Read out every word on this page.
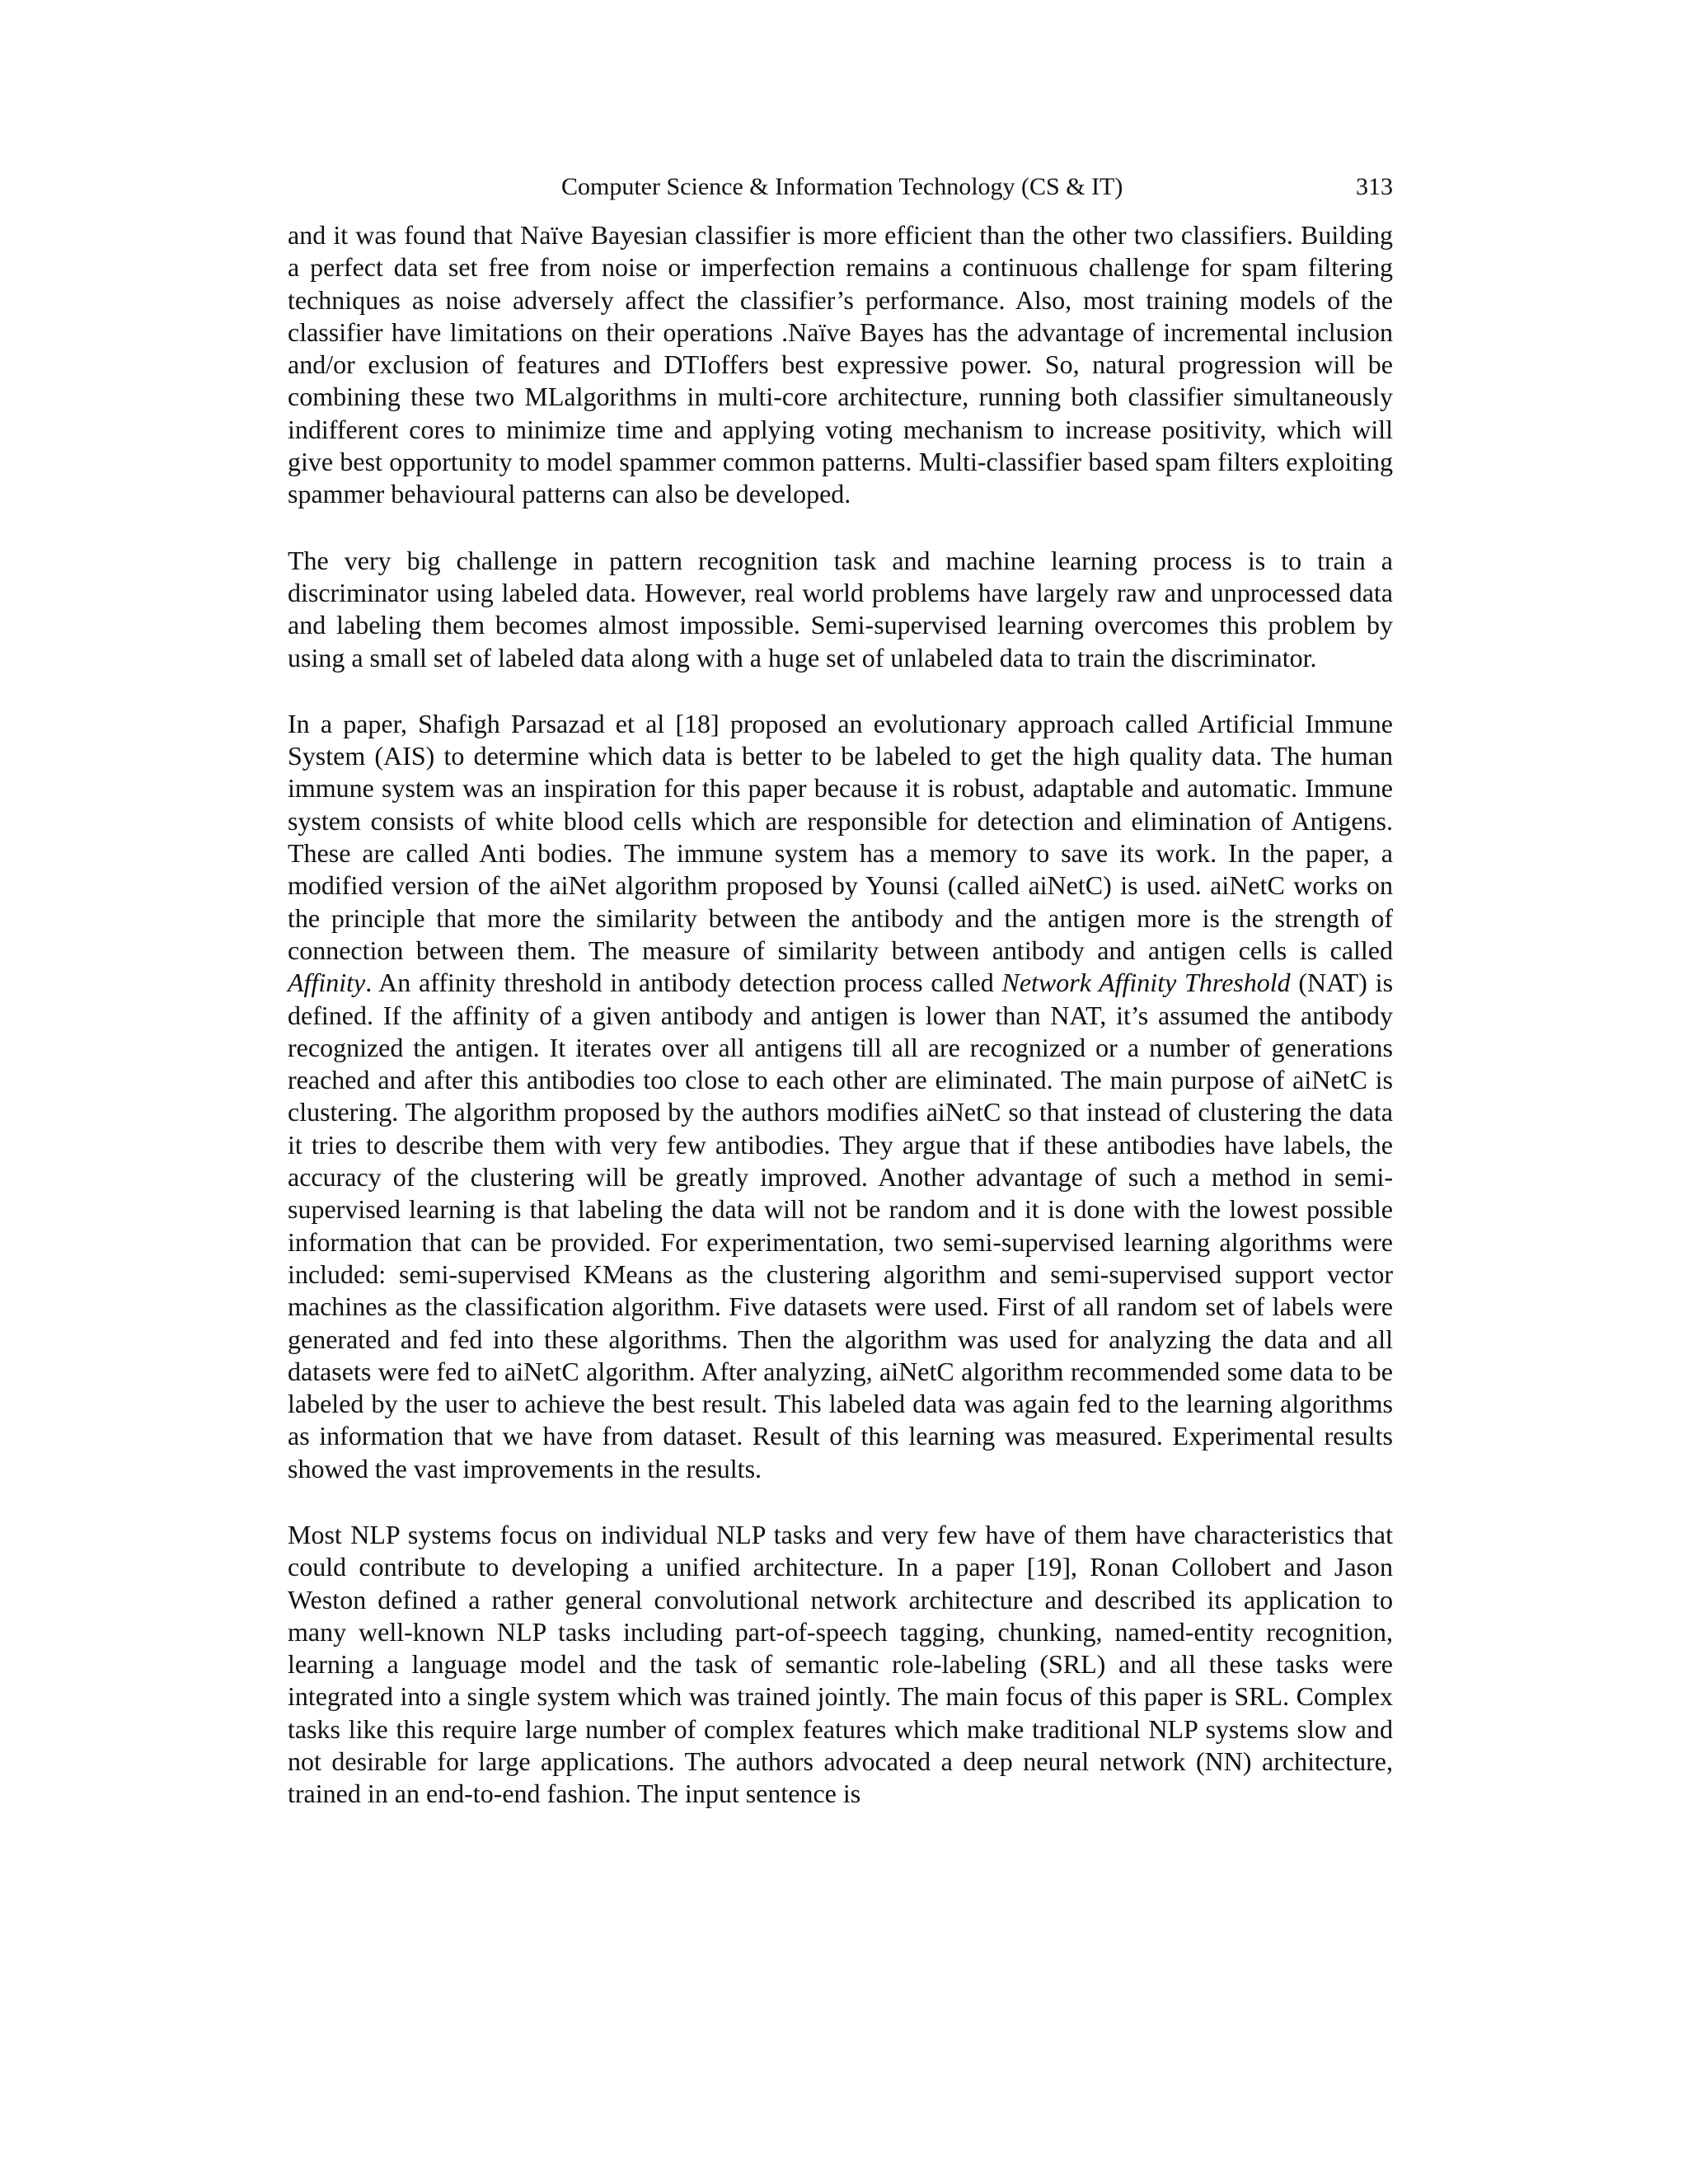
Computer Science & Information Technology (CS & IT)	313

and it was found that Naïve Bayesian classifier is more efficient than the other two classifiers. Building a perfect data set free from noise or imperfection remains a continuous challenge for spam filtering techniques as noise adversely affect the classifier’s performance. Also, most training models of the classifier have limitations on their operations .Naïve Bayes has the advantage of incremental inclusion and/or exclusion of features and DTIoffers best expressive power. So, natural progression will be combining these two MLalgorithms in multi-core architecture, running both classifier simultaneously indifferent cores to minimize time and applying voting mechanism to increase positivity, which will give best opportunity to model spammer common patterns. Multi-classifier based spam filters exploiting spammer behavioural patterns can also be developed.

The very big challenge in pattern recognition task and machine learning process is to train a discriminator using labeled data. However, real world problems have largely raw and unprocessed data and labeling them becomes almost impossible. Semi-supervised learning overcomes this problem by using a small set of labeled data along with a huge set of unlabeled data to train the discriminator.

In a paper, Shafigh Parsazad et al [18] proposed an evolutionary approach called Artificial Immune System (AIS) to determine which data is better to be labeled to get the high quality data. The human immune system was an inspiration for this paper because it is robust, adaptable and automatic. Immune system consists of white blood cells which are responsible for detection and elimination of Antigens. These are called Anti bodies. The immune system has a memory to save its work. In the paper, a modified version of the aiNet algorithm proposed by Younsi (called aiNetC) is used. aiNetC works on the principle that more the similarity between the antibody and the antigen more is the strength of connection between them. The measure of similarity between antibody and antigen cells is called Affinity. An affinity threshold in antibody detection process called Network Affinity Threshold (NAT) is defined. If the affinity of a given antibody and antigen is lower than NAT, it’s assumed the antibody recognized the antigen. It iterates over all antigens till all are recognized or a number of generations reached and after this antibodies too close to each other are eliminated. The main purpose of aiNetC is clustering. The algorithm proposed by the authors modifies aiNetC so that instead of clustering the data it tries to describe them with very few antibodies. They argue that if these antibodies have labels, the accuracy of the clustering will be greatly improved. Another advantage of such a method in semi-supervised learning is that labeling the data will not be random and it is done with the lowest possible information that can be provided. For experimentation, two semi-supervised learning algorithms were included: semi-supervised KMeans as the clustering algorithm and semi-supervised support vector machines as the classification algorithm. Five datasets were used. First of all random set of labels were generated and fed into these algorithms. Then the algorithm was used for analyzing the data and all datasets were fed to aiNetC algorithm. After analyzing, aiNetC algorithm recommended some data to be labeled by the user to achieve the best result. This labeled data was again fed to the learning algorithms as information that we have from dataset. Result of this learning was measured. Experimental results showed the vast improvements in the results.

Most NLP systems focus on individual NLP tasks and very few have of them have characteristics that could contribute to developing a unified architecture. In a paper [19], Ronan Collobert and Jason Weston defined a rather general convolutional network architecture and described its application to many well-known NLP tasks including part-of-speech tagging, chunking, named-entity recognition, learning a language model and the task of semantic role-labeling (SRL) and all these tasks were integrated into a single system which was trained jointly. The main focus of this paper is SRL. Complex tasks like this require large number of complex features which make traditional NLP systems slow and not desirable for large applications. The authors advocated a deep neural network (NN) architecture, trained in an end-to-end fashion. The input sentence is
